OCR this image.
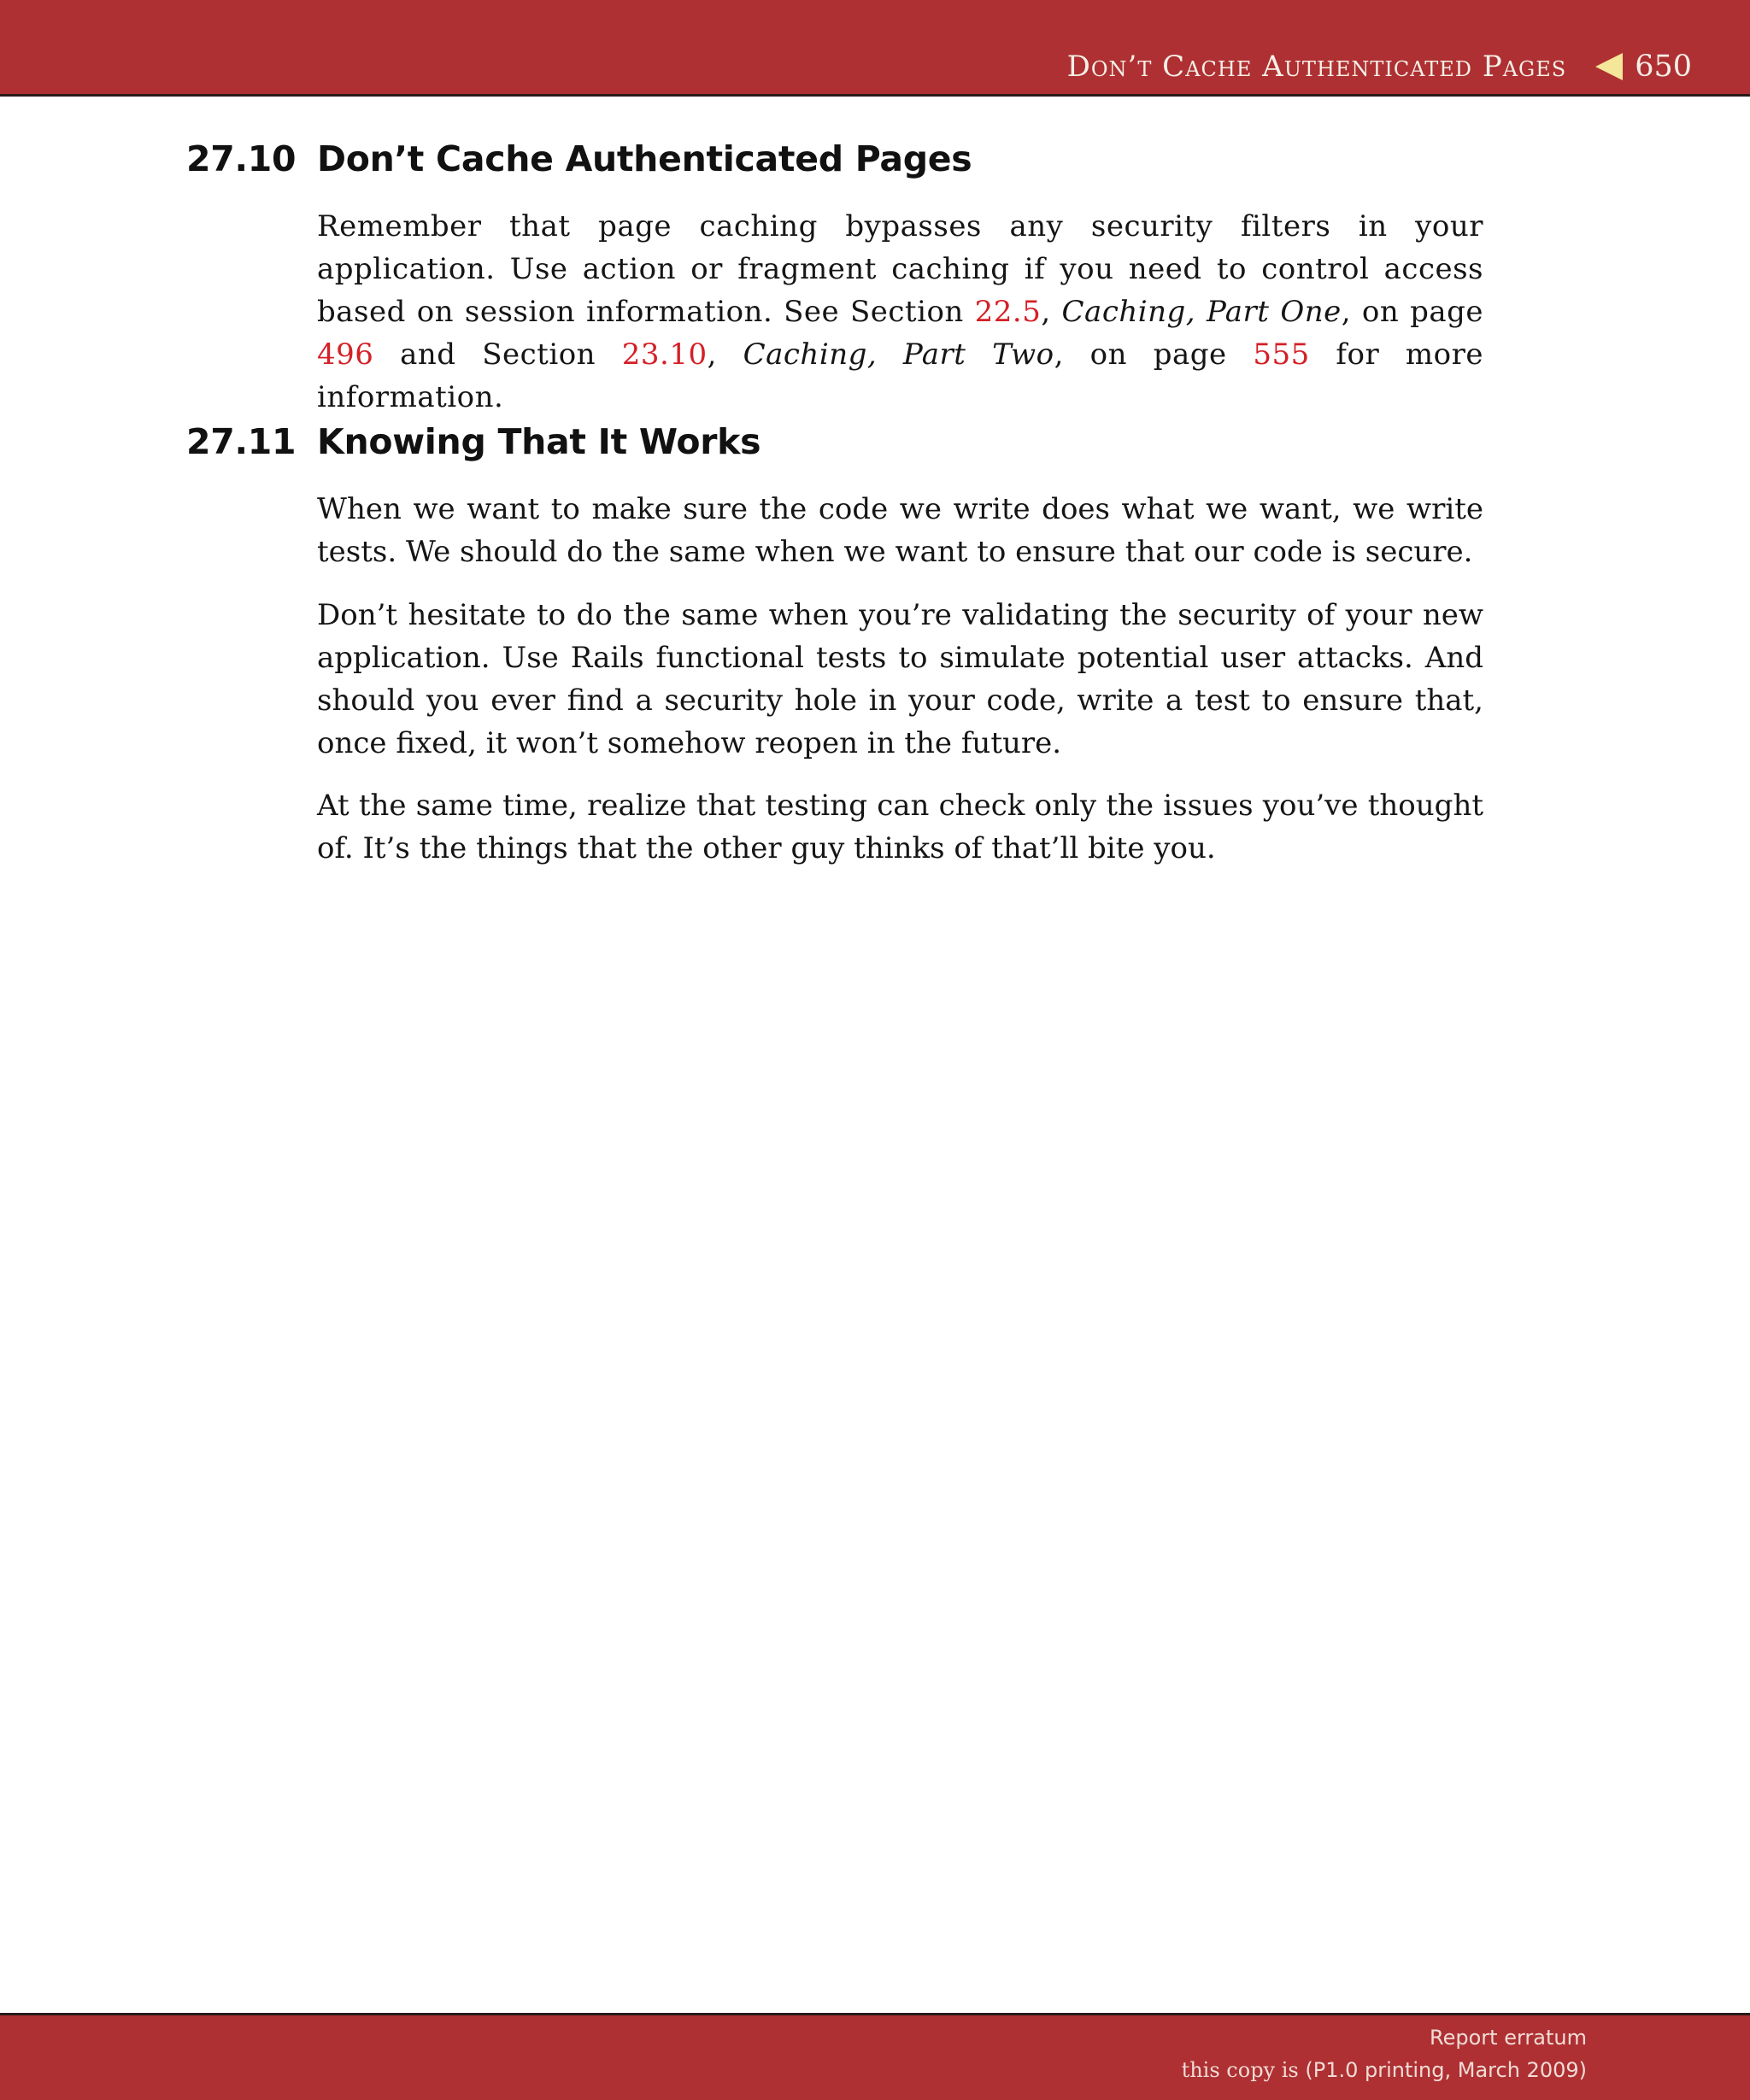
Don’t Cache Authenticated Pages 650
27.10 Don’t Cache Authenticated Pages

Remember that page caching bypasses any security filters in your application. Use action or fragment caching if you need to control access based on session information. See Section 22.5, Caching, Part One, on page 496 and Section 23.10, Caching, Part Two, on page 555 for more information.

27.11 Knowing That It Works

When we want to make sure the code we write does what we want, we write tests. We should do the same when we want to ensure that our code is secure.

Don’t hesitate to do the same when you’re validating the security of your new application. Use Rails functional tests to simulate potential user attacks. And should you ever find a security hole in your code, write a test to ensure that, once fixed, it won’t somehow reopen in the future.

At the same time, realize that testing can check only the issues you’ve thought of. It’s the things that the other guy thinks of that’ll bite you.

Report erratum
this copy is (P1.0 printing, March 2009)
